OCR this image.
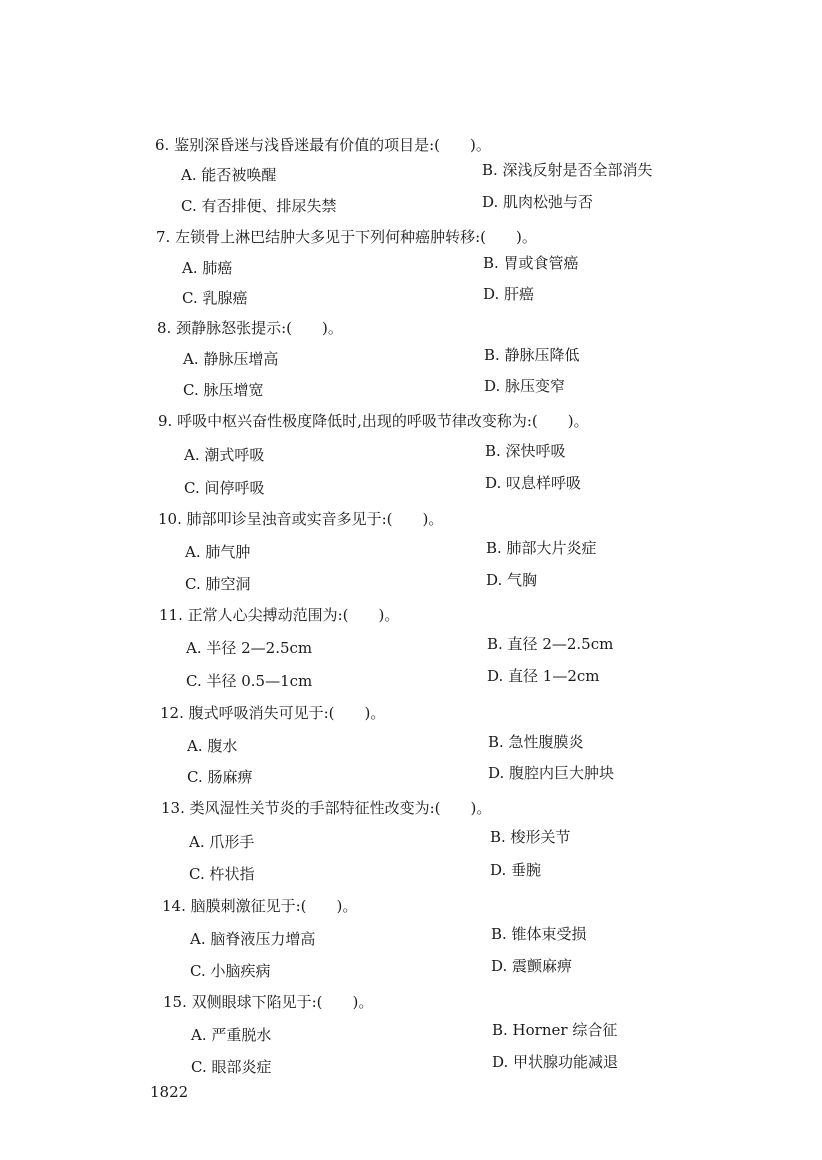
6. 鉴别深昏迷与浅昏迷最有价值的项目是:(　　)。
A. 能否被唤醒	B. 深浅反射是否全部消失
C. 有否排便、排尿失禁	D. 肌肉松弛与否
7. 左锁骨上淋巴结肿大多见于下列何种癌肿转移:(　　)。
A. 肺癌	B. 胃或食管癌
C. 乳腺癌	D. 肝癌
8. 颈静脉怒张提示:(　　)。
A. 静脉压增高	B. 静脉压降低
C. 脉压增宽	D. 脉压变窄
9. 呼吸中枢兴奋性极度降低时,出现的呼吸节律改变称为:(　　)。
A. 潮式呼吸	B. 深快呼吸
C. 间停呼吸	D. 叹息样呼吸
10. 肺部叩诊呈浊音或实音多见于:(　　)。
A. 肺气肿	B. 肺部大片炎症
C. 肺空洞	D. 气胸
11. 正常人心尖搏动范围为:(　　)。
A. 半径 2—2.5cm	B. 直径 2—2.5cm
C. 半径 0.5—1cm	D. 直径 1—2cm
12. 腹式呼吸消失可见于:(　　)。
A. 腹水	B. 急性腹膜炎
C. 肠麻痹	D. 腹腔内巨大肿块
13. 类风湿性关节炎的手部特征性改变为:(　　)。
A. 爪形手	B. 梭形关节
C. 杵状指	D. 垂腕
14. 脑膜刺激征见于:(　　)。
A. 脑脊液压力增高	B. 锥体束受损
C. 小脑疾病	D. 震颤麻痹
15. 双侧眼球下陷见于:(　　)。
A. 严重脱水	B. Horner 综合征
C. 眼部炎症	D. 甲状腺功能减退
1822
